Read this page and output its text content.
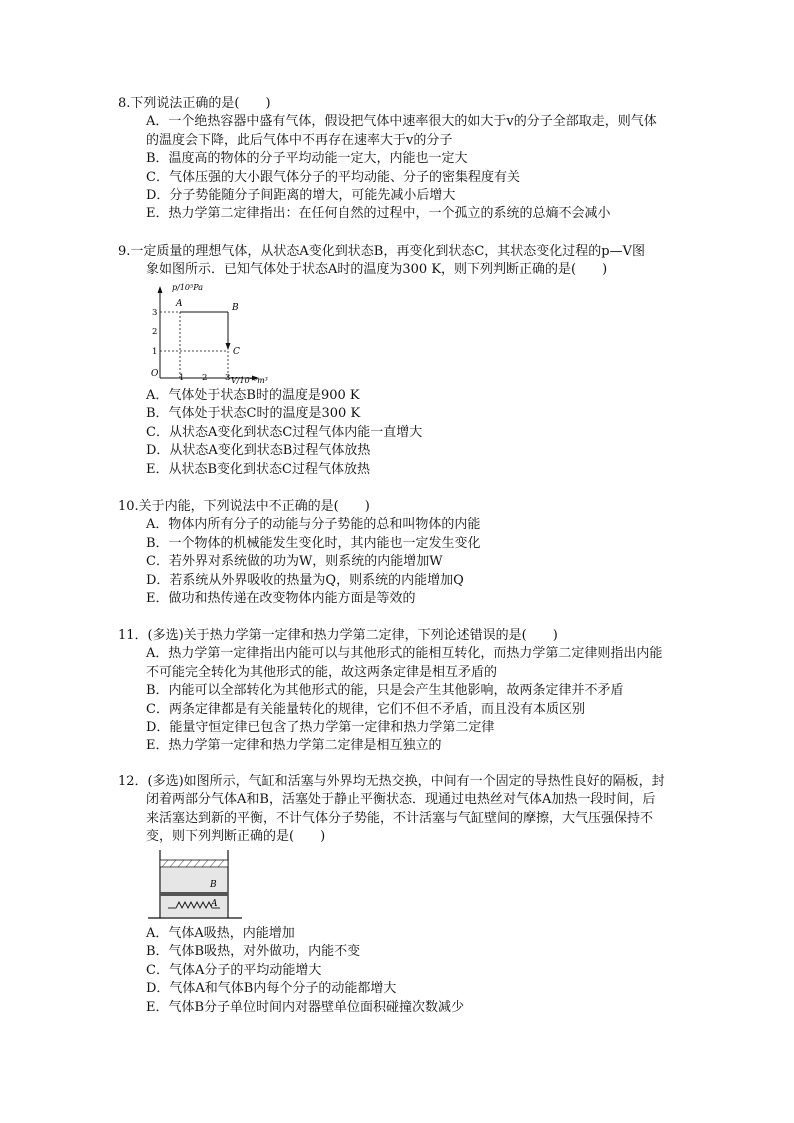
8.下列说法正确的是(　　)

A．一个绝热容器中盛有气体，假设把气体中速率很大的如大于v的分子全部取走，则气体

的温度会下降，此后气体中不再存在速率大于v的分子

B．温度高的物体的分子平均动能一定大，内能也一定大

C．气体压强的大小跟气体分子的平均动能、分子的密集程度有关

D．分子势能随分子间距离的增大，可能先减小后增大

E．热力学第二定律指出：在任何自然的过程中，一个孤立的系统的总熵不会减小

9.一定质量的理想气体，从状态A变化到状态B，再变化到状态C，其状态变化过程的p—V图

象如图所示．已知气体处于状态A时的温度为300 K，则下列判断正确的是(　　)

p/10⁵Pa
V/10⁻³m³
O 1 2 3
1
2
3
A	B
C

A．气体处于状态B时的温度是900 K

B．气体处于状态C时的温度是300 K

C．从状态A变化到状态C过程气体内能一直增大

D．从状态A变化到状态B过程气体放热

E．从状态B变化到状态C过程气体放热

10.关于内能，下列说法中不正确的是(　　)

A．物体内所有分子的动能与分子势能的总和叫物体的内能

B．一个物体的机械能发生变化时，其内能也一定发生变化

C．若外界对系统做的功为W，则系统的内能增加W

D．若系统从外界吸收的热量为Q，则系统的内能增加Q

E．做功和热传递在改变物体内能方面是等效的

11．(多选)关于热力学第一定律和热力学第二定律，下列论述错误的是(　　)

A．热力学第一定律指出内能可以与其他形式的能相互转化，而热力学第二定律则指出内能

不可能完全转化为其他形式的能，故这两条定律是相互矛盾的

B．内能可以全部转化为其他形式的能，只是会产生其他影响，故两条定律并不矛盾

C．两条定律都是有关能量转化的规律，它们不但不矛盾，而且没有本质区别

D．能量守恒定律已包含了热力学第一定律和热力学第二定律

E．热力学第一定律和热力学第二定律是相互独立的

12．(多选)如图所示，气缸和活塞与外界均无热交换，中间有一个固定的导热性良好的隔板，封

闭着两部分气体A和B，活塞处于静止平衡状态．现通过电热丝对气体A加热一段时间，后

来活塞达到新的平衡，不计气体分子势能，不计活塞与气缸壁间的摩擦，大气压强保持不

变，则下列判断正确的是(　　)

B
A

A．气体A吸热，内能增加

B．气体B吸热，对外做功，内能不变

C．气体A分子的平均动能增大

D．气体A和气体B内每个分子的动能都增大

E．气体B分子单位时间内对器壁单位面积碰撞次数减少
